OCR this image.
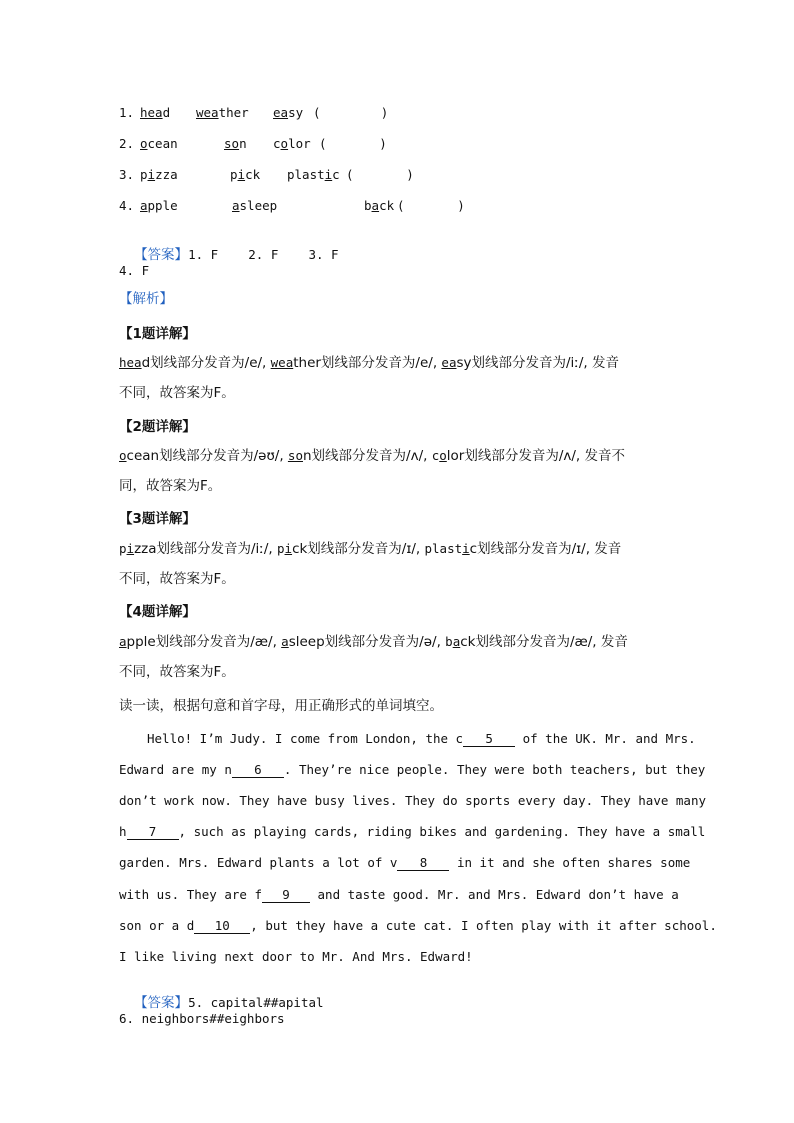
1. head weather easy (        )
2. ocean	son color (       )
3. pizza	pick plastic (       )
4. apple	asleep	back (       )

【答案】1. F    2. F    3. F

4. F
【解析】
【1题详解】
head划线部分发音为/e/, weather划线部分发音为/e/, easy划线部分发音为/iː/, 发音
不同，故答案为F。
【2题详解】
ocean划线部分发音为/əʊ/, son划线部分发音为/ʌ/, color划线部分发音为/ʌ/, 发音不
同，故答案为F。
【3题详解】
pizza划线部分发音为/iː/, pick划线部分发音为/ɪ/, plastic划线部分发音为/ɪ/, 发音
不同，故答案为F。
【4题详解】
apple划线部分发音为/æ/, asleep划线部分发音为/ə/, back划线部分发音为/æ/, 发音
不同，故答案为F。
读一读，根据句意和首字母，用正确形式的单词填空。
Hello! I’m Judy. I come from London, the c 5 of the UK. Mr. and Mrs.
Edward are my n 6 . They’re nice people. They were both teachers, but they
don’t work now. They have busy lives. They do sports every day. They have many
h 7 , such as playing cards, riding bikes and gardening. They have a small
garden. Mrs. Edward plants a lot of v 8 in it and she often shares some
with us. They are f 9 and taste good. Mr. and Mrs. Edward don’t have a
son or a d 10 , but they have a cute cat. I often play with it after school.
I like living next door to Mr. And Mrs. Edward!

【答案】5. capital##apital

6. neighbors##eighbors
